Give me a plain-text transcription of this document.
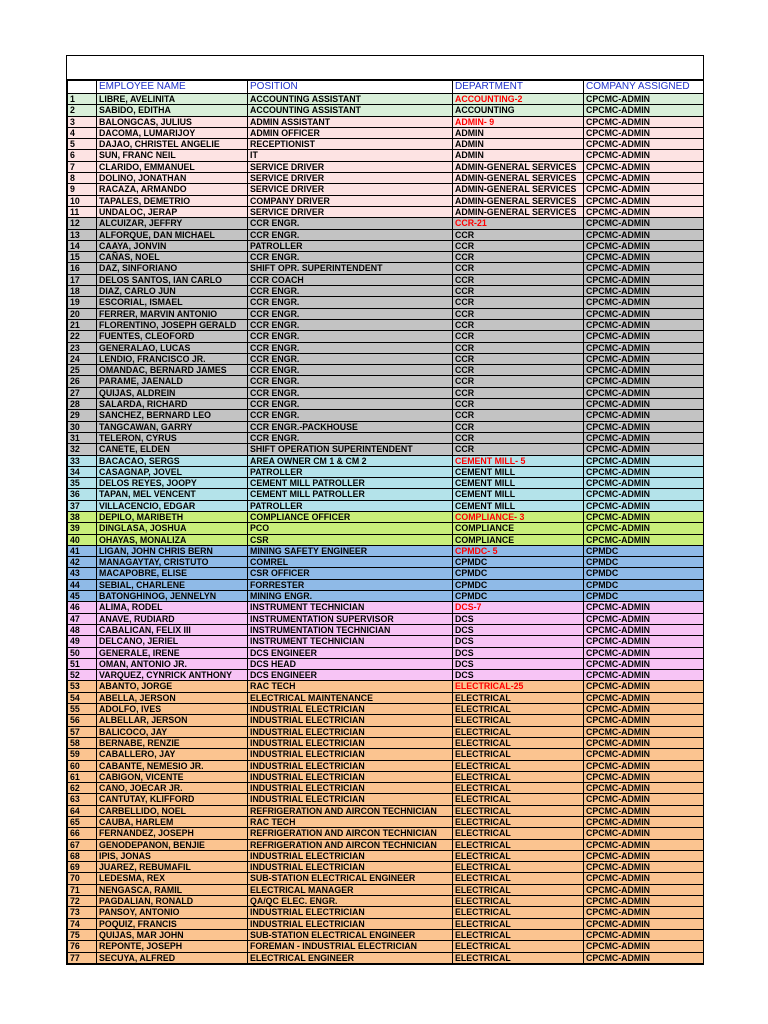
	EMPLOYEE NAME	POSITION	DEPARTMENT	COMPANY ASSIGNED
1	LIBRE, AVELINITA	ACCOUNTING ASSISTANT	ACCOUNTING-2	CPCMC-ADMIN
2	SABIDO, EDITHA	ACCOUNTING ASSISTANT	ACCOUNTING	CPCMC-ADMIN
3	BALONGCAS, JULIUS	ADMIN ASSISTANT	ADMIN- 9	CPCMC-ADMIN
4	DACOMA, LUMARIJOY	ADMIN OFFICER	ADMIN	CPCMC-ADMIN
5	DAJAO, CHRISTEL ANGELIE	RECEPTIONIST	ADMIN	CPCMC-ADMIN
6	SUN, FRANC NEIL	IT	ADMIN	CPCMC-ADMIN
7	CLARIDO, EMMANUEL	SERVICE DRIVER	ADMIN-GENERAL SERVICES	CPCMC-ADMIN
8	DOLINO, JONATHAN	SERVICE DRIVER	ADMIN-GENERAL SERVICES	CPCMC-ADMIN
9	RACAZA, ARMANDO	SERVICE DRIVER	ADMIN-GENERAL SERVICES	CPCMC-ADMIN
10	TAPALES, DEMETRIO	COMPANY DRIVER	ADMIN-GENERAL SERVICES	CPCMC-ADMIN
11	UNDALOC, JERAP	SERVICE DRIVER	ADMIN-GENERAL SERVICES	CPCMC-ADMIN
12	ALCUIZAR, JEFFRY	CCR ENGR.	CCR-21	CPCMC-ADMIN
13	ALFORQUE, DAN MICHAEL	CCR ENGR.	CCR	CPCMC-ADMIN
14	CAAYA, JONVIN	PATROLLER	CCR	CPCMC-ADMIN
15	CAÑAS, NOEL	CCR ENGR.	CCR	CPCMC-ADMIN
16	DAZ, SINFORIANO	SHIFT OPR. SUPERINTENDENT	CCR	CPCMC-ADMIN
17	DELOS SANTOS, IAN CARLO	CCR COACH	CCR	CPCMC-ADMIN
18	DIAZ, CARLO JUN	CCR ENGR.	CCR	CPCMC-ADMIN
19	ESCORIAL, ISMAEL	CCR ENGR.	CCR	CPCMC-ADMIN
20	FERRER, MARVIN ANTONIO	CCR ENGR.	CCR	CPCMC-ADMIN
21	FLORENTINO, JOSEPH GERALD	CCR ENGR.	CCR	CPCMC-ADMIN
22	FUENTES, CLEOFORD	CCR ENGR.	CCR	CPCMC-ADMIN
23	GENERALAO, LUCAS	CCR ENGR.	CCR	CPCMC-ADMIN
24	LENDIO, FRANCISCO JR.	CCR ENGR.	CCR	CPCMC-ADMIN
25	OMANDAC, BERNARD JAMES	CCR ENGR.	CCR	CPCMC-ADMIN
26	PARAME, JAENALD	CCR ENGR.	CCR	CPCMC-ADMIN
27	QUIJAS, ALDREIN	CCR ENGR.	CCR	CPCMC-ADMIN
28	SALARDA, RICHARD	CCR ENGR.	CCR	CPCMC-ADMIN
29	SANCHEZ, BERNARD LEO	CCR ENGR.	CCR	CPCMC-ADMIN
30	TANGCAWAN, GARRY	CCR ENGR.-PACKHOUSE	CCR	CPCMC-ADMIN
31	TELERON, CYRUS	CCR ENGR.	CCR	CPCMC-ADMIN
32	CANETE, ELDEN	SHIFT OPERATION SUPERINTENDENT	CCR	CPCMC-ADMIN
33	BACACAO, SERGS	AREA OWNER CM 1 & CM 2	CEMENT MILL- 5	CPCMC-ADMIN
34	CASAGNAP, JOVEL	PATROLLER	CEMENT MILL	CPCMC-ADMIN
35	DELOS REYES, JOOPY	CEMENT MILL PATROLLER	CEMENT MILL	CPCMC-ADMIN
36	TAPAN, MEL VENCENT	CEMENT MILL PATROLLER	CEMENT MILL	CPCMC-ADMIN
37	VILLACENCIO, EDGAR	PATROLLER	CEMENT MILL	CPCMC-ADMIN
38	DEPILO, MARIBETH	COMPLIANCE OFFICER	COMPLIANCE- 3	CPCMC-ADMIN
39	DINGLASA, JOSHUA	PCO	COMPLIANCE	CPCMC-ADMIN
40	OHAYAS, MONALIZA	CSR	COMPLIANCE	CPCMC-ADMIN
41	LIGAN, JOHN CHRIS BERN	MINING SAFETY ENGINEER	CPMDC- 5	CPMDC
42	MANAGAYTAY, CRISTUTO	COMREL	CPMDC	CPMDC
43	MACAPOBRE, ELISE	CSR OFFICER	CPMDC	CPMDC
44	SEBIAL, CHARLENE	FORRESTER	CPMDC	CPMDC
45	BATONGHINOG, JENNELYN	MINING ENGR.	CPMDC	CPMDC
46	ALIMA, RODEL	INSTRUMENT TECHNICIAN	DCS-7	CPCMC-ADMIN
47	ANAVE, RUDIARD	INSTRUMENTATION SUPERVISOR	DCS	CPCMC-ADMIN
48	CABALICAN, FELIX III	INSTRUMENTATION TECHNICIAN	DCS	CPCMC-ADMIN
49	DELCANO, JERIEL	INSTRUMENT TECHNICIAN	DCS	CPCMC-ADMIN
50	GENERALE, IRENE	DCS ENGINEER	DCS	CPCMC-ADMIN
51	OMAN, ANTONIO JR.	DCS HEAD	DCS	CPCMC-ADMIN
52	VARQUEZ, CYNRICK ANTHONY	DCS ENGINEER	DCS	CPCMC-ADMIN
53	ABANTO, JORGE	RAC TECH	ELECTRICAL-25	CPCMC-ADMIN
54	ABELLA, JERSON	ELECTRICAL MAINTENANCE	ELECTRICAL	CPCMC-ADMIN
55	ADOLFO, IVES	INDUSTRIAL ELECTRICIAN	ELECTRICAL	CPCMC-ADMIN
56	ALBELLAR, JERSON	INDUSTRIAL ELECTRICIAN	ELECTRICAL	CPCMC-ADMIN
57	BALICOCO, JAY	INDUSTRIAL ELECTRICIAN	ELECTRICAL	CPCMC-ADMIN
58	BERNABE, RENZIE	INDUSTRIAL ELECTRICIAN	ELECTRICAL	CPCMC-ADMIN
59	CABALLERO, JAY	INDUSTRIAL ELECTRICIAN	ELECTRICAL	CPCMC-ADMIN
60	CABANTE, NEMESIO JR.	INDUSTRIAL ELECTRICIAN	ELECTRICAL	CPCMC-ADMIN
61	CABIGON, VICENTE	INDUSTRIAL ELECTRICIAN	ELECTRICAL	CPCMC-ADMIN
62	CANO, JOECAR JR.	INDUSTRIAL ELECTRICIAN	ELECTRICAL	CPCMC-ADMIN
63	CANTUTAY, KLIFFORD	INDUSTRIAL ELECTRICIAN	ELECTRICAL	CPCMC-ADMIN
64	CARBELLIDO, NOEL	REFRIGERATION AND AIRCON TECHNICIAN	ELECTRICAL	CPCMC-ADMIN
65	CAUBA, HARLEM	RAC TECH	ELECTRICAL	CPCMC-ADMIN
66	FERNANDEZ, JOSEPH	REFRIGERATION AND AIRCON TECHNICIAN	ELECTRICAL	CPCMC-ADMIN
67	GENODEPANON, BENJIE	REFRIGERATION AND AIRCON TECHNICIAN	ELECTRICAL	CPCMC-ADMIN
68	IPIS, JONAS	INDUSTRIAL ELECTRICIAN	ELECTRICAL	CPCMC-ADMIN
69	JUAREZ, REBUMAFIL	INDUSTRIAL ELECTRICIAN	ELECTRICAL	CPCMC-ADMIN
70	LEDESMA, REX	SUB-STATION ELECTRICAL ENGINEER	ELECTRICAL	CPCMC-ADMIN
71	NENGASCA, RAMIL	ELECTRICAL MANAGER	ELECTRICAL	CPCMC-ADMIN
72	PAGDALIAN, RONALD	QA/QC ELEC. ENGR.	ELECTRICAL	CPCMC-ADMIN
73	PANSOY, ANTONIO	INDUSTRIAL ELECTRICIAN	ELECTRICAL	CPCMC-ADMIN
74	POQUIZ, FRANCIS	INDUSTRIAL ELECTRICIAN	ELECTRICAL	CPCMC-ADMIN
75	QUIJAS, MAR JOHN	SUB-STATION ELECTRICAL ENGINEER	ELECTRICAL	CPCMC-ADMIN
76	REPONTE, JOSEPH	FOREMAN - INDUSTRIAL ELECTRICIAN	ELECTRICAL	CPCMC-ADMIN
77	SECUYA, ALFRED	ELECTRICAL ENGINEER	ELECTRICAL	CPCMC-ADMIN
